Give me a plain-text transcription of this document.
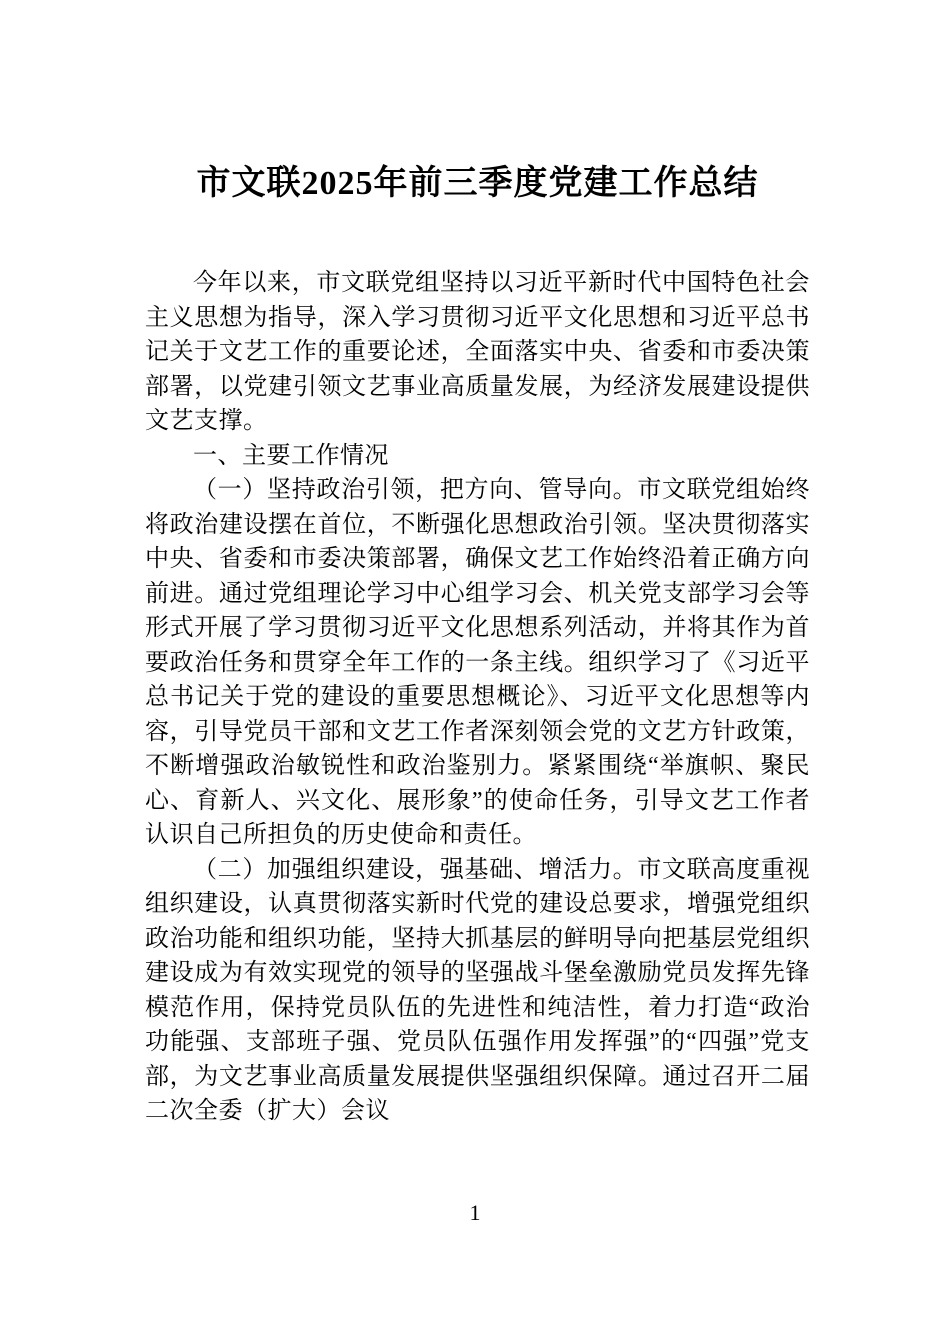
市文联2025年前三季度党建工作总结

今年以来，市文联党组坚持以习近平新时代中国特色社会主义思想为指导，深入学习贯彻习近平文化思想和习近平总书记关于文艺工作的重要论述，全面落实中央、省委和市委决策部署，以党建引领文艺事业高质量发展，为经济发展建设提供文艺支撑。

一、主要工作情况

（一）坚持政治引领，把方向、管导向。市文联党组始终将政治建设摆在首位，不断强化思想政治引领。坚决贯彻落实中央、省委和市委决策部署，确保文艺工作始终沿着正确方向前进。通过党组理论学习中心组学习会、机关党支部学习会等形式开展了学习贯彻习近平文化思想系列活动，并将其作为首要政治任务和贯穿全年工作的一条主线。组织学习了《习近平总书记关于党的建设的重要思想概论》、习近平文化思想等内容，引导党员干部和文艺工作者深刻领会党的文艺方针政策，不断增强政治敏锐性和政治鉴别力。紧紧围绕“举旗帜、聚民心、育新人、兴文化、展形象”的使命任务，引导文艺工作者认识自己所担负的历史使命和责任。

（二）加强组织建设，强基础、增活力。市文联高度重视组织建设，认真贯彻落实新时代党的建设总要求，增强党组织政治功能和组织功能，坚持大抓基层的鲜明导向把基层党组织建设成为有效实现党的领导的坚强战斗堡垒激励党员发挥先锋模范作用，保持党员队伍的先进性和纯洁性，着力打造“政治功能强、支部班子强、党员队伍强作用发挥强”的“四强”党支部，为文艺事业高质量发展提供坚强组织保障。通过召开二届二次全委（扩大）会议

1
